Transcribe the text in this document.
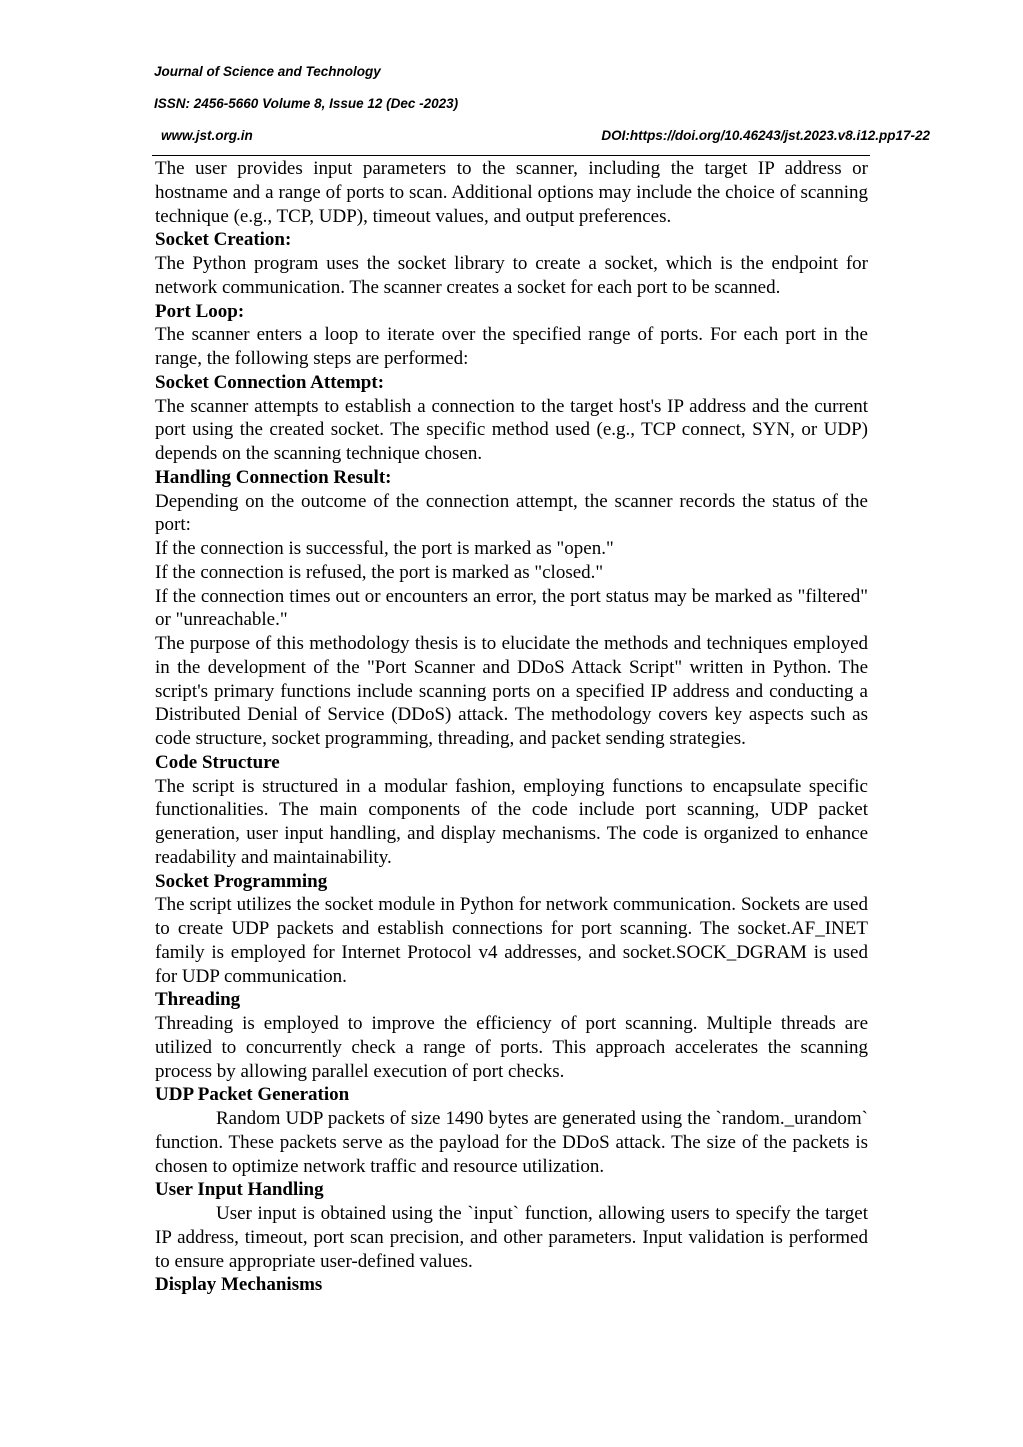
Journal of Science and Technology
ISSN: 2456-5660 Volume 8, Issue 12 (Dec -2023)
www.jst.org.in	DOI:https://doi.org/10.46243/jst.2023.v8.i12.pp17-22

The user provides input parameters to the scanner, including the target IP address or hostname and a range of ports to scan. Additional options may include the choice of scanning technique (e.g., TCP, UDP), timeout values, and output preferences.

Socket Creation:

The Python program uses the socket library to create a socket, which is the endpoint for network communication. The scanner creates a socket for each port to be scanned.

Port Loop:

The scanner enters a loop to iterate over the specified range of ports. For each port in the range, the following steps are performed:

Socket Connection Attempt:

The scanner attempts to establish a connection to the target host's IP address and the current port using the created socket. The specific method used (e.g., TCP connect, SYN, or UDP) depends on the scanning technique chosen.

Handling Connection Result:

Depending on the outcome of the connection attempt, the scanner records the status of the port:

If the connection is successful, the port is marked as "open."

If the connection is refused, the port is marked as "closed."

If the connection times out or encounters an error, the port status may be marked as "filtered" or "unreachable."

The purpose of this methodology thesis is to elucidate the methods and techniques employed in the development of the "Port Scanner and DDoS Attack Script" written in Python. The script's primary functions include scanning ports on a specified IP address and conducting a Distributed Denial of Service (DDoS) attack. The methodology covers key aspects such as code structure, socket programming, threading, and packet sending strategies.

Code Structure

The script is structured in a modular fashion, employing functions to encapsulate specific functionalities. The main components of the code include port scanning, UDP packet generation, user input handling, and display mechanisms. The code is organized to enhance readability and maintainability.

Socket Programming

The script utilizes the socket module in Python for network communication. Sockets are used to create UDP packets and establish connections for port scanning. The socket.AF_INET family is employed for Internet Protocol v4 addresses, and socket.SOCK_DGRAM is used for UDP communication.

Threading

Threading is employed to improve the efficiency of port scanning. Multiple threads are utilized to concurrently check a range of ports. This approach accelerates the scanning process by allowing parallel execution of port checks.

UDP Packet Generation

Random UDP packets of size 1490 bytes are generated using the `random._urandom` function. These packets serve as the payload for the DDoS attack. The size of the packets is chosen to optimize network traffic and resource utilization.

User Input Handling

User input is obtained using the `input` function, allowing users to specify the target IP address, timeout, port scan precision, and other parameters. Input validation is performed to ensure appropriate user-defined values.

Display Mechanisms
